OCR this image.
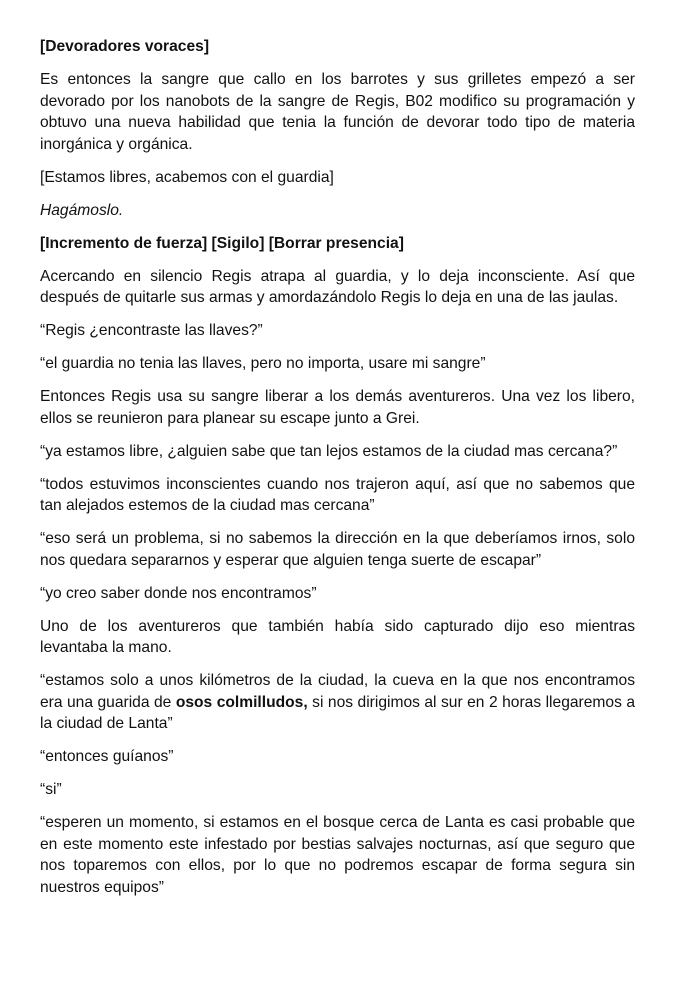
[Devoradores voraces]

Es entonces la sangre que callo en los barrotes y sus grilletes empezó a ser devorado por los nanobots de la sangre de Regis, B02 modifico su programación y obtuvo una nueva habilidad que tenia la función de devorar todo tipo de materia inorgánica y orgánica.

[Estamos libres, acabemos con el guardia]

Hagámoslo.

[Incremento de fuerza] [Sigilo] [Borrar presencia]

Acercando en silencio Regis atrapa al guardia, y lo deja inconsciente. Así que después de quitarle sus armas y amordazándolo Regis lo deja en una de las jaulas.

“Regis ¿encontraste las llaves?”

“el guardia no tenia las llaves, pero no importa, usare mi sangre”

Entonces Regis usa su sangre liberar a los demás aventureros. Una vez los libero, ellos se reunieron para planear su escape junto a Grei.

“ya estamos libre, ¿alguien sabe que tan lejos estamos de la ciudad mas cercana?”

“todos estuvimos inconscientes cuando nos trajeron aquí, así que no sabemos que tan alejados estemos de la ciudad mas cercana”

“eso será un problema, si no sabemos la dirección en la que deberíamos irnos, solo nos quedara separarnos y esperar que alguien tenga suerte de escapar”

“yo creo saber donde nos encontramos”

Uno de los aventureros que también había sido capturado dijo eso mientras levantaba la mano.

“estamos solo a unos kilómetros de la ciudad, la cueva en la que nos encontramos era una guarida de osos colmilludos, si nos dirigimos al sur en 2 horas llegaremos a la ciudad de Lanta”

“entonces guíanos”

“si”

“esperen un momento, si estamos en el bosque cerca de Lanta es casi probable que en este momento este infestado por bestias salvajes nocturnas, así que seguro que nos toparemos con ellos, por lo que no podremos escapar de forma segura sin nuestros equipos”
